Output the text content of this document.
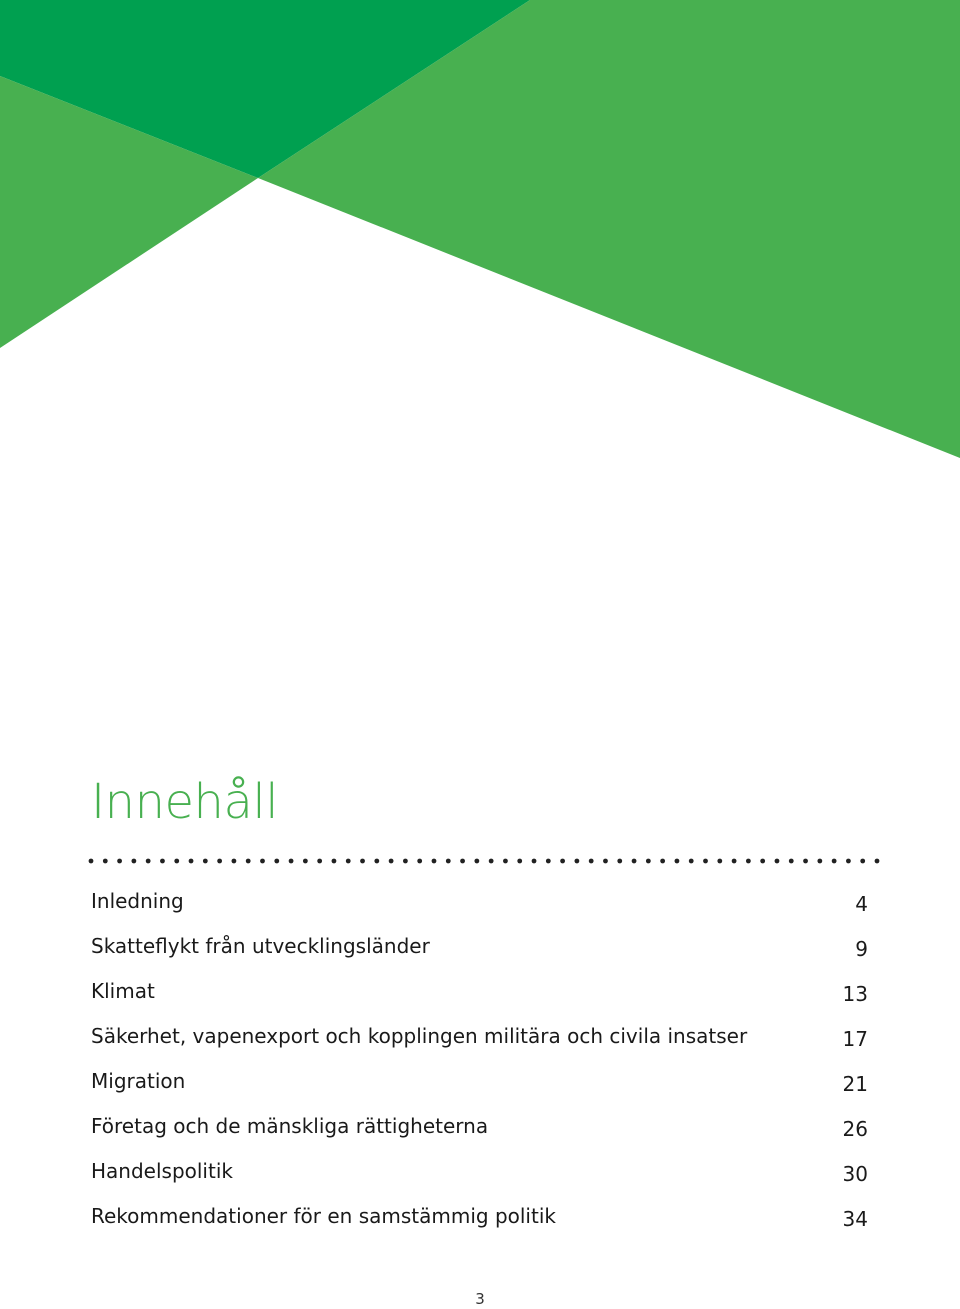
Innehåll
Inledning	4
Skatteflykt från utvecklingsländer	9
Klimat	13
Säkerhet, vapenexport och kopplingen militära och civila insatser	17
Migration	21
Företag och de mänskliga rättigheterna	26
Handelspolitik	30
Rekommendationer för en samstämmig politik	34
3
